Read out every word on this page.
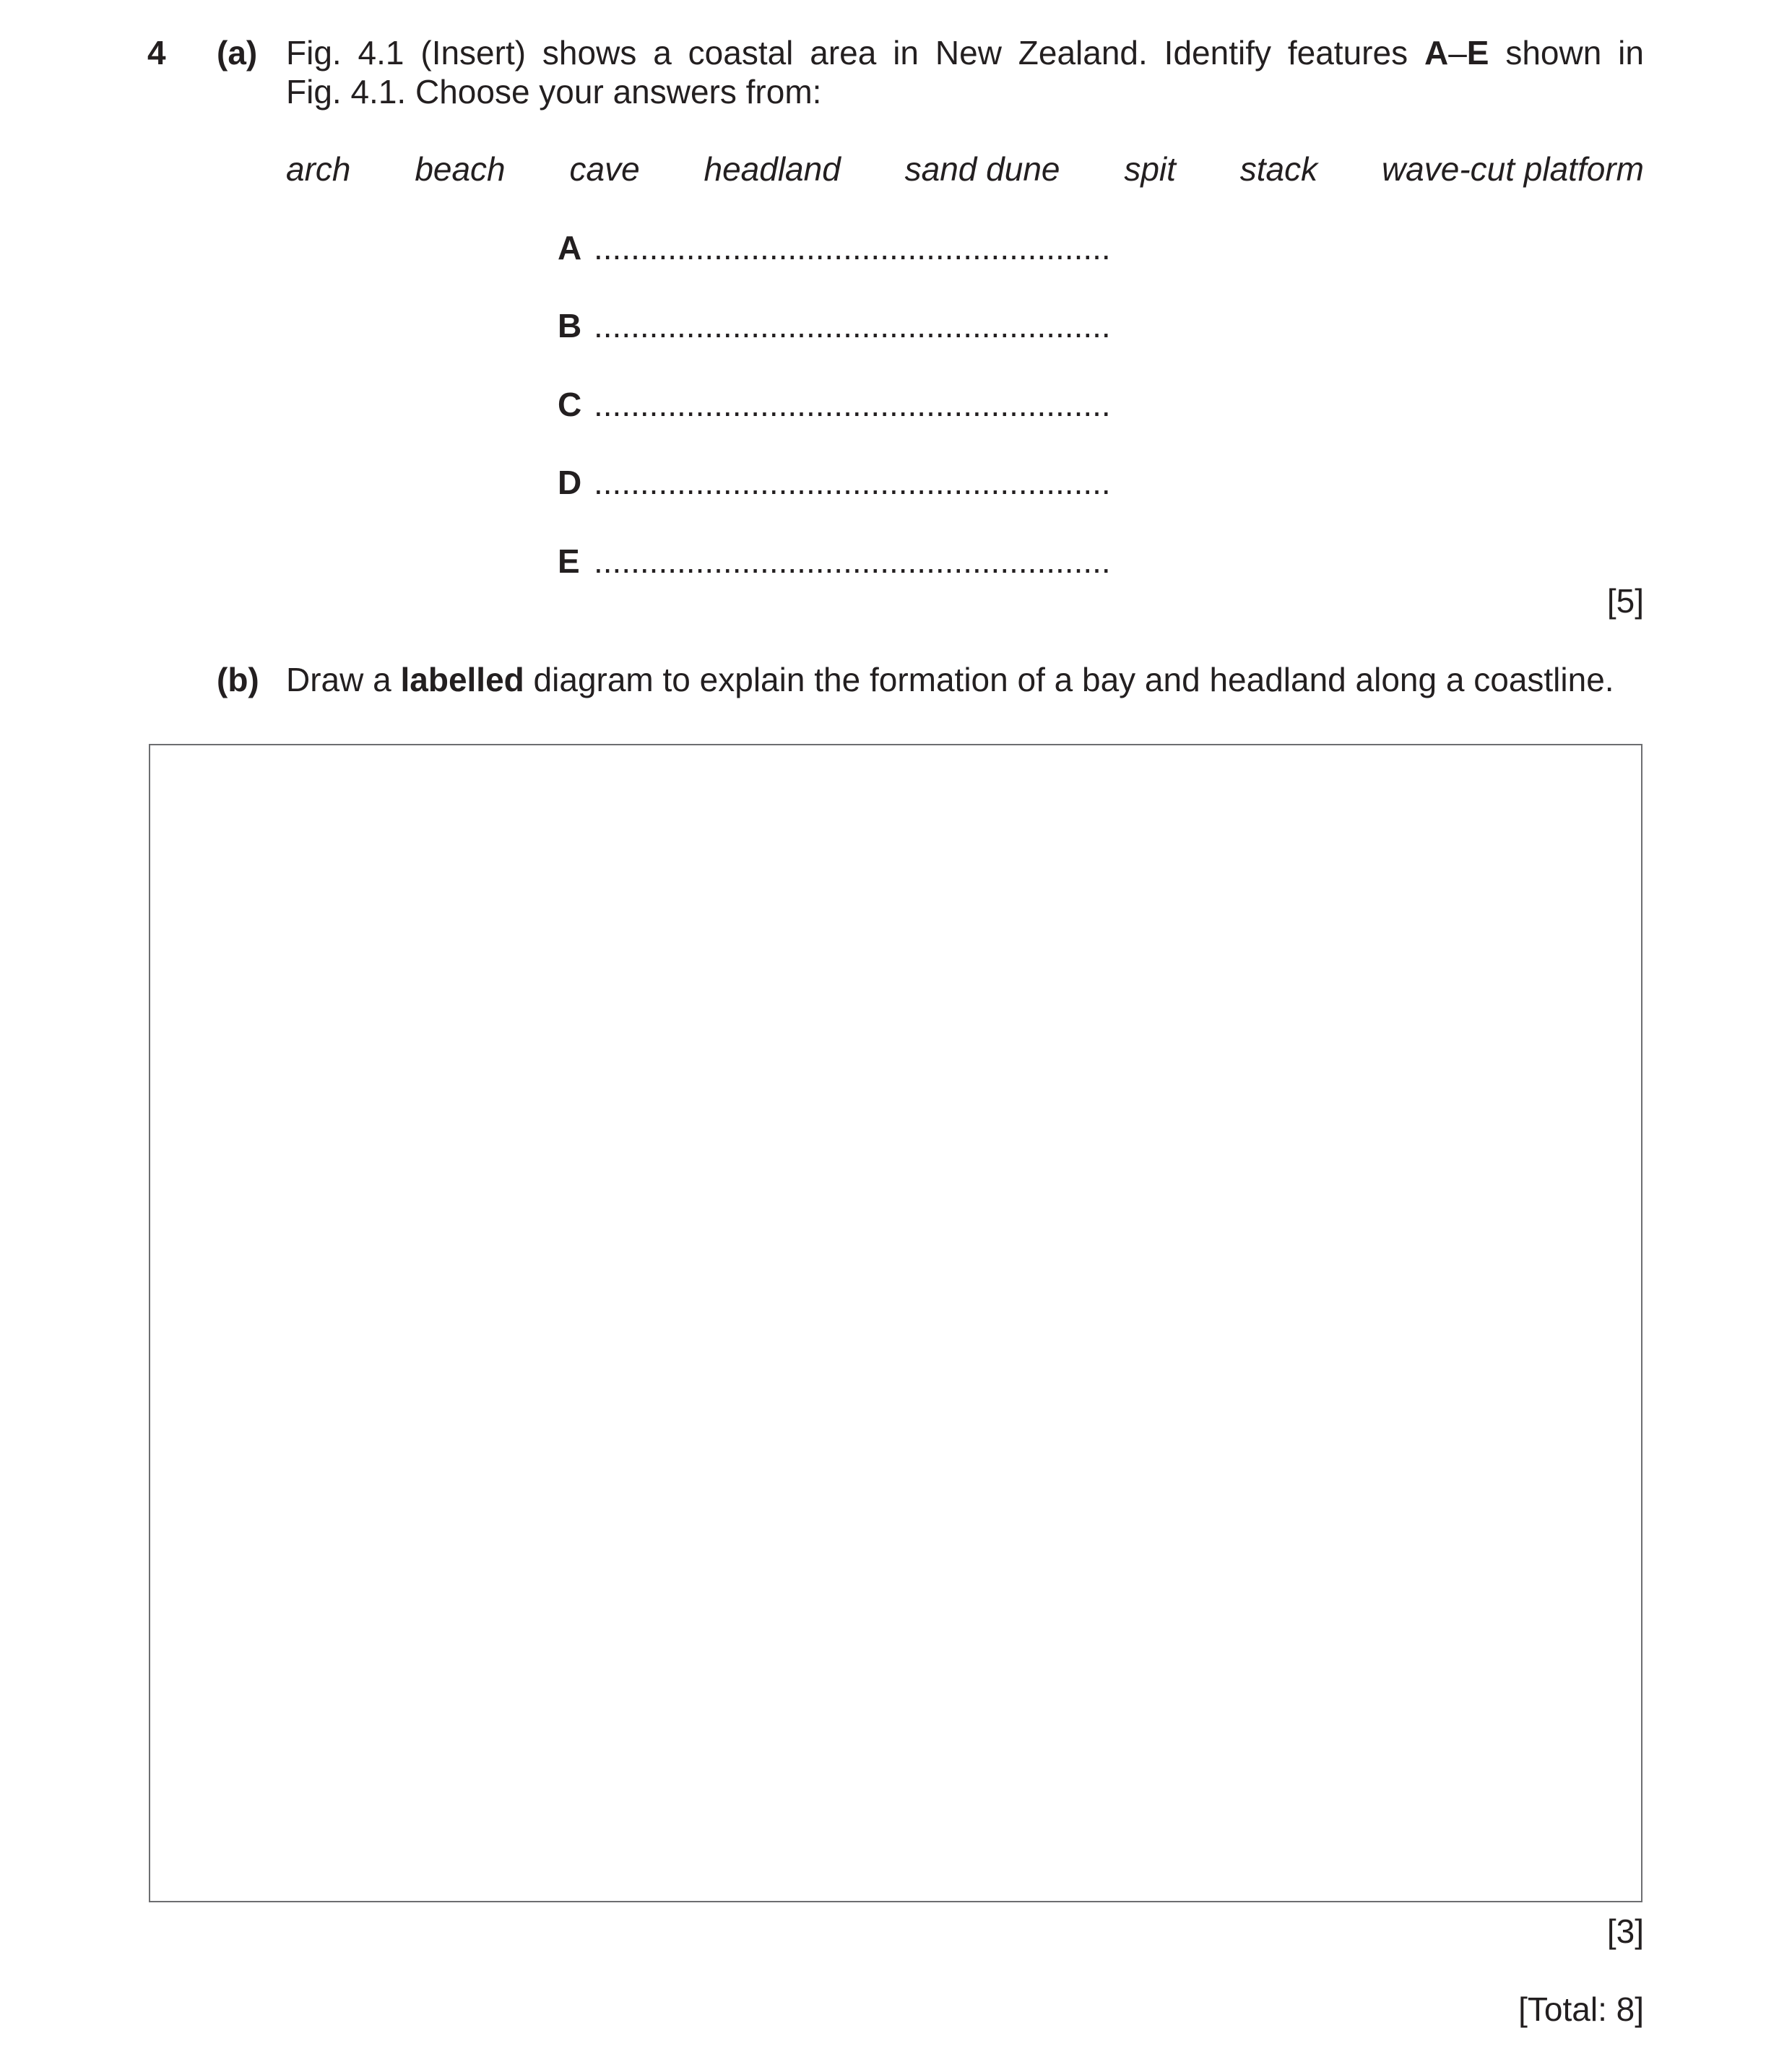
4 (a) Fig. 4.1 (Insert) shows a coastal area in New Zealand. Identify features A–E shown in
Fig. 4.1. Choose your answers from:
arch beach cave headland sand dune spit stack wave-cut platform
A ........................................................
B ........................................................
C ........................................................
D ........................................................
E ........................................................
[5]
(b) Draw a labelled diagram to explain the formation of a bay and headland along a coastline.
[3]
[Total: 8]
